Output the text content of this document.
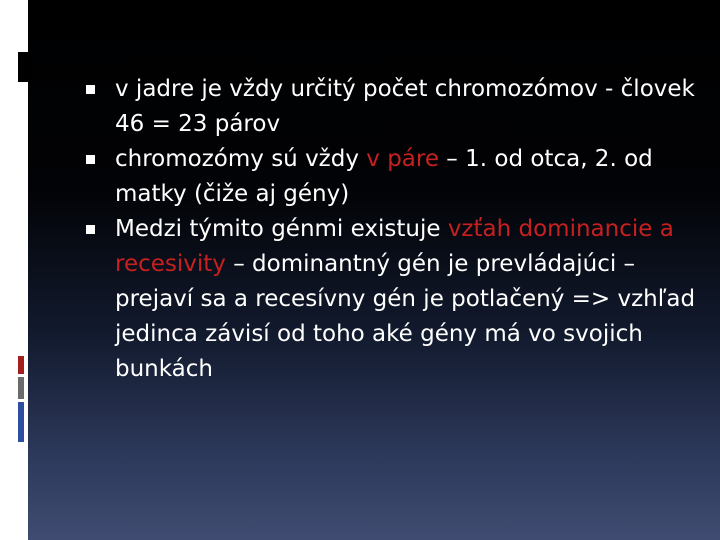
v jadre je vždy určitý počet chromozómov - človek 46 = 23 párov
chromozómy sú vždy v páre – 1. od otca, 2. od matky (čiže aj gény)
Medzi týmito génmi existuje vzťah dominancie a recesivity – dominantný gén je prevládajúci – prejaví sa a recesívny gén je potlačený => vzhľad jedinca závisí od toho aké gény má vo svojich bunkách
